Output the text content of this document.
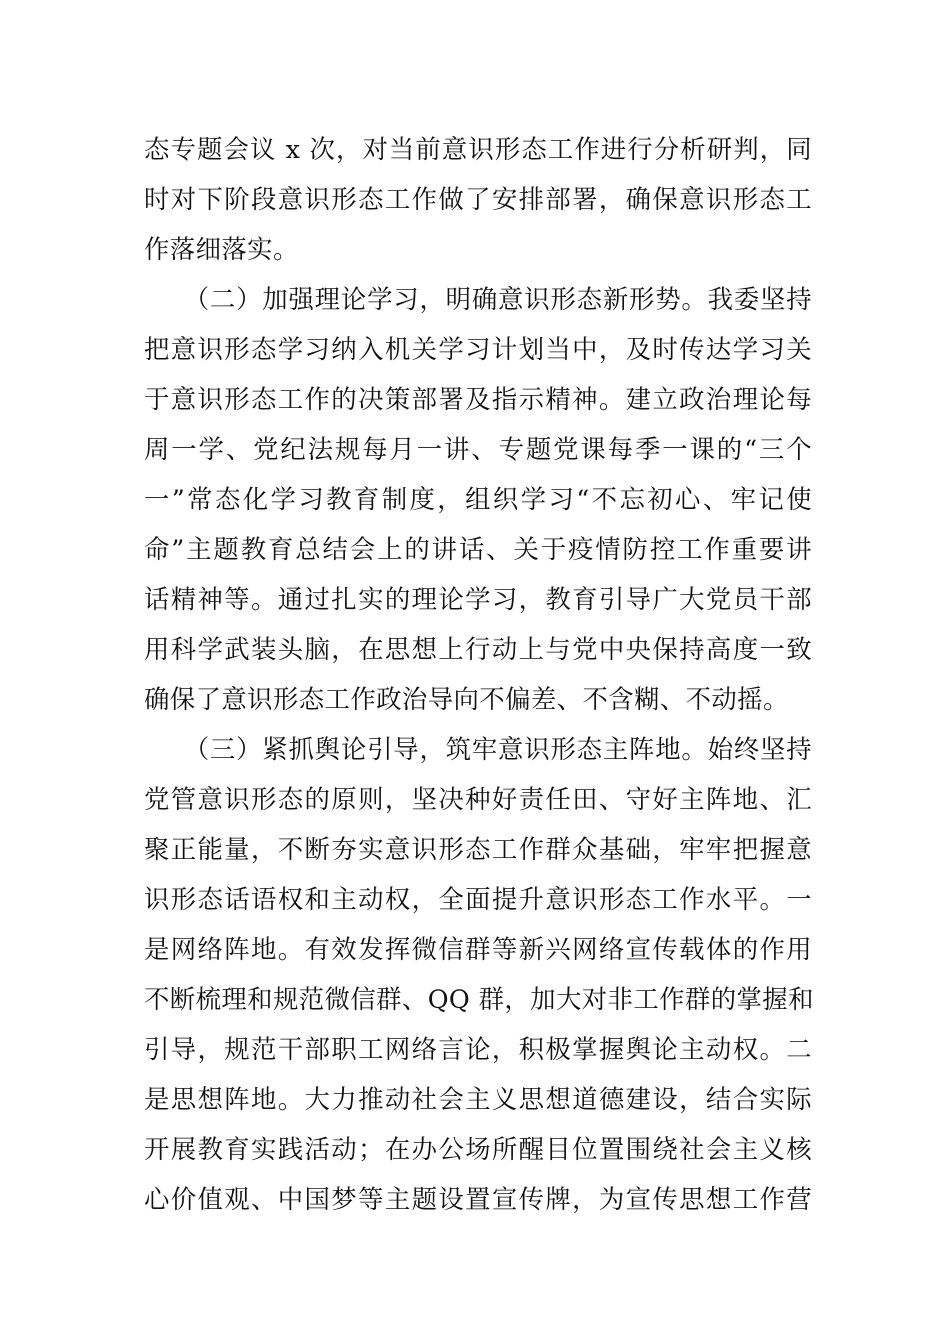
态专题会议 x 次，对当前意识形态工作进行分析研判，同
时对下阶段意识形态工作做了安排部署，确保意识形态工
作落细落实。
　　（二）加强理论学习，明确意识形态新形势。我委坚持
把意识形态学习纳入机关学习计划当中，及时传达学习关
于意识形态工作的决策部署及指示精神。建立政治理论每
周一学、党纪法规每月一讲、专题党课每季一课的“三个
一”常态化学习教育制度，组织学习“不忘初心、牢记使
命”主题教育总结会上的讲话、关于疫情防控工作重要讲
话精神等。通过扎实的理论学习，教育引导广大党员干部
用科学武装头脑，在思想上行动上与党中央保持高度一致
确保了意识形态工作政治导向不偏差、不含糊、不动摇。
　　（三）紧抓舆论引导，筑牢意识形态主阵地。始终坚持
党管意识形态的原则，坚决种好责任田、守好主阵地、汇
聚正能量，不断夯实意识形态工作群众基础，牢牢把握意
识形态话语权和主动权，全面提升意识形态工作水平。一
是网络阵地。有效发挥微信群等新兴网络宣传载体的作用
不断梳理和规范微信群、QQ 群，加大对非工作群的掌握和
引导，规范干部职工网络言论，积极掌握舆论主动权。二
是思想阵地。大力推动社会主义思想道德建设，结合实际
开展教育实践活动；在办公场所醒目位置围绕社会主义核
心价值观、中国梦等主题设置宣传牌，为宣传思想工作营
